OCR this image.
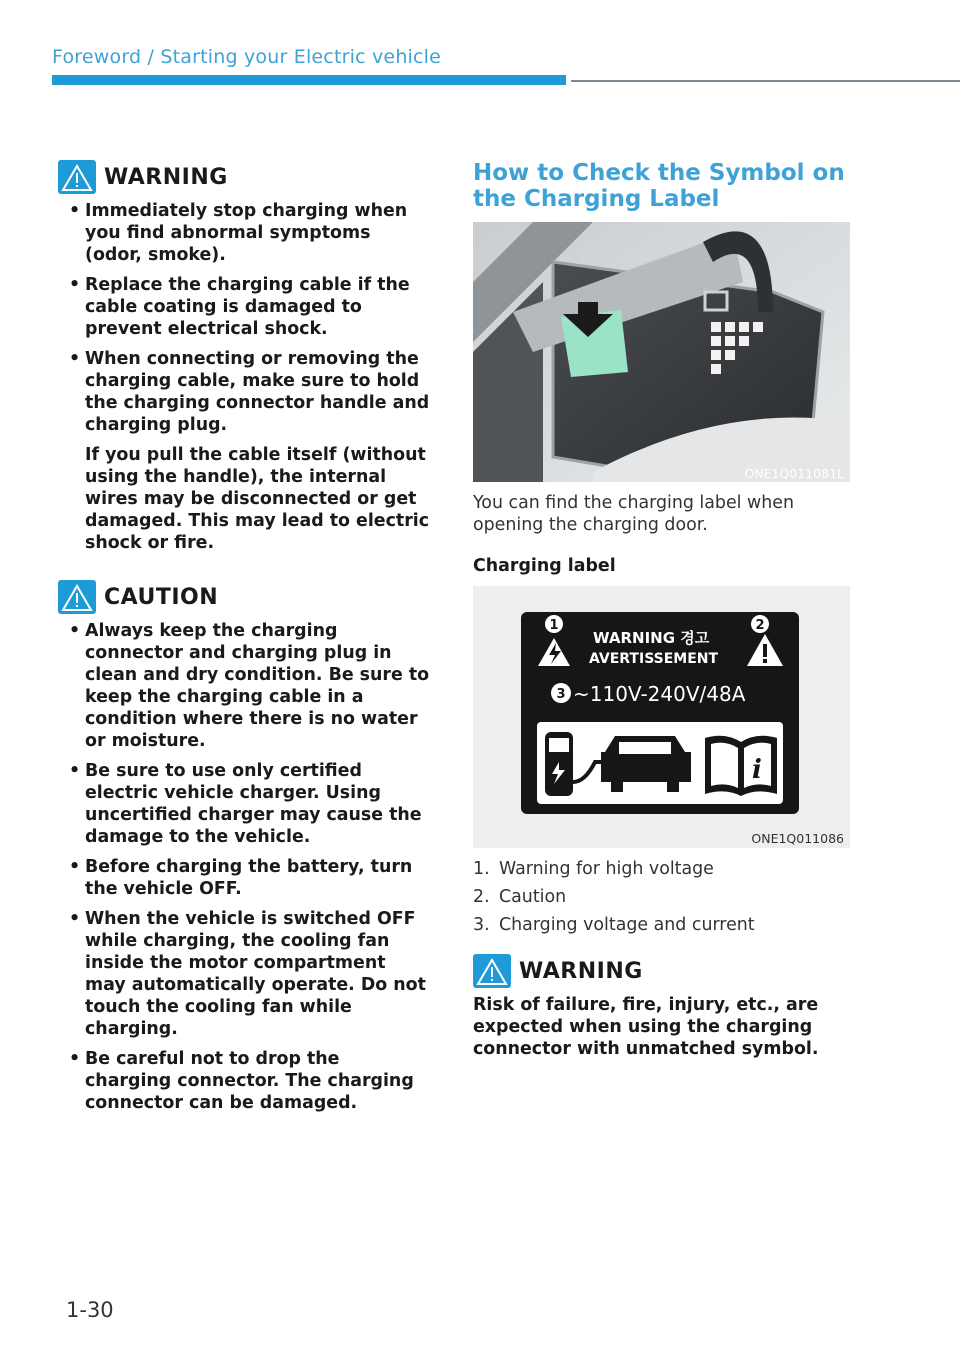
Foreword / Starting your Electric vehicle
WARNING
• Immediately stop charging when you find abnormal symptoms (odor, smoke).
• Replace the charging cable if the cable coating is damaged to prevent electrical shock.
• When connecting or removing the charging cable, make sure to hold the charging connector handle and charging plug.
If you pull the cable itself (without using the handle), the internal wires may be disconnected or get damaged. This may lead to electric shock or fire.
CAUTION
• Always keep the charging connector and charging plug in clean and dry condition. Be sure to keep the charging cable in a condition where there is no water or moisture.
• Be sure to use only certified electric vehicle charger. Using uncertified charger may cause the damage to the vehicle.
• Before charging the battery, turn the vehicle OFF.
• When the vehicle is switched OFF while charging, the cooling fan inside the motor compartment may automatically operate. Do not touch the cooling fan while charging.
• Be careful not to drop the charging connector. The charging connector can be damaged.
How to Check the Symbol on the Charging Label
ONE1Q011081L

You can find the charging label when opening the charging door.

Charging label
WARNING 경고
AVERTISSEMENT
1	2
3 ~110V-240V/48A
i
ONE1Q011086
1. Warning for high voltage
2. Caution
3. Charging voltage and current
WARNING
Risk of failure, fire, injury, etc., are expected when using the charging connector with unmatched symbol.
1-30
